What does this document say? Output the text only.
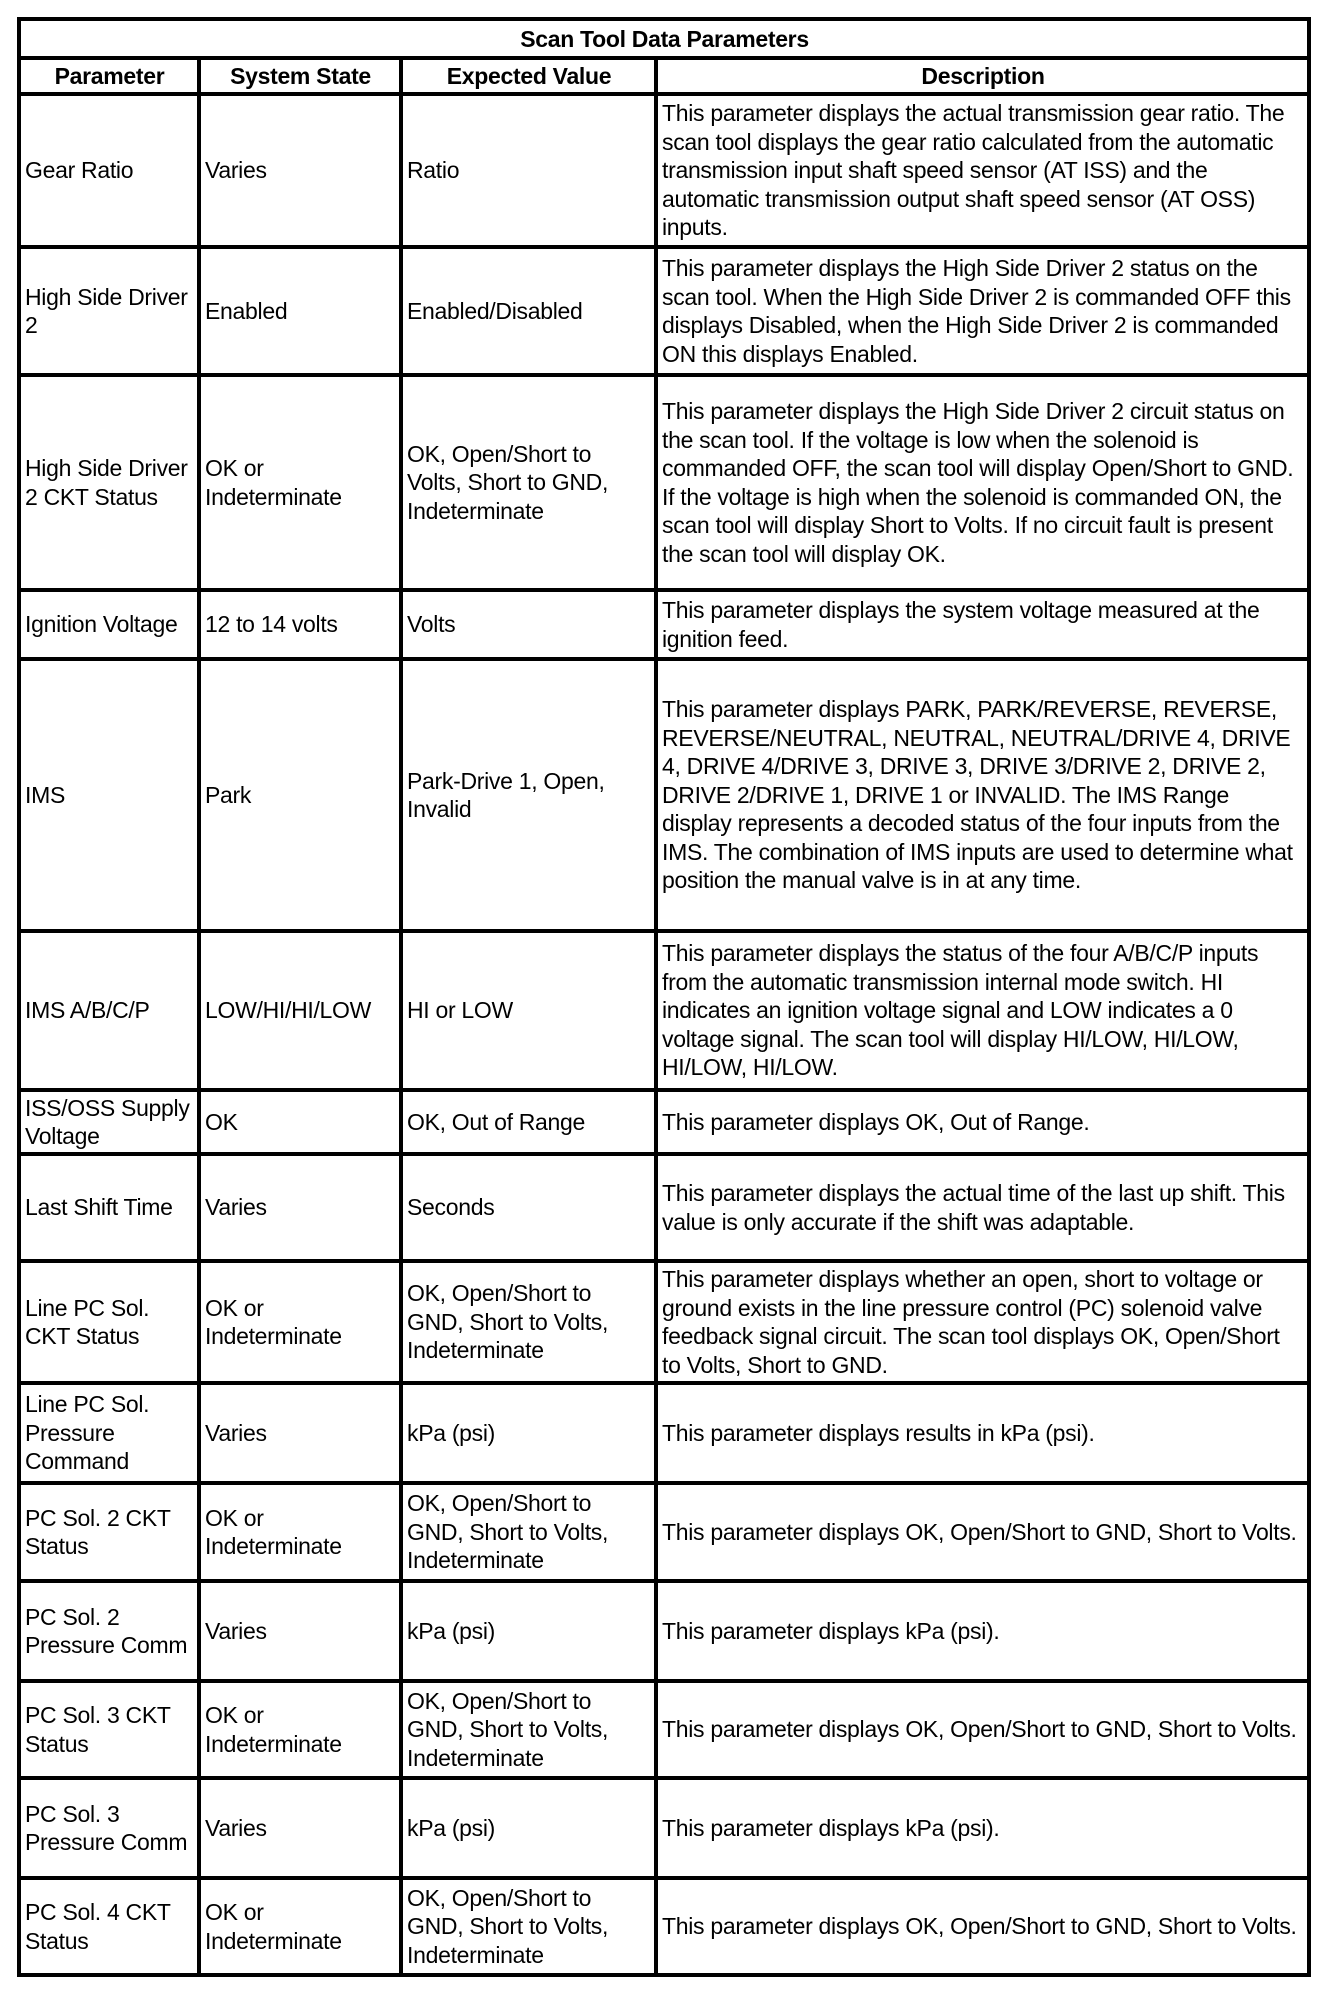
Scan Tool Data Parameters			
Parameter	System State	Expected Value	Description
Gear Ratio	Varies	Ratio	This parameter displays the actual transmission gear ratio. The scan tool displays the gear ratio calculated from the automatic transmission input shaft speed sensor (AT ISS) and the automatic transmission output shaft speed sensor (AT OSS) inputs.
High Side Driver 2	Enabled	Enabled/Disabled	This parameter displays the High Side Driver 2 status on the scan tool. When the High Side Driver 2 is commanded OFF this displays Disabled, when the High Side Driver 2 is commanded ON this displays Enabled.
High Side Driver 2 CKT Status	OK or Indeterminate	OK, Open/Short to Volts, Short to GND, Indeterminate	This parameter displays the High Side Driver 2 circuit status on the scan tool. If the voltage is low when the solenoid is commanded OFF, the scan tool will display Open/Short to GND. If the voltage is high when the solenoid is commanded ON, the scan tool will display Short to Volts. If no circuit fault is present the scan tool will display OK.
Ignition Voltage	12 to 14 volts	Volts	This parameter displays the system voltage measured at the ignition feed.
IMS	Park	Park-Drive 1, Open, Invalid	This parameter displays PARK, PARK/REVERSE, REVERSE, REVERSE/NEUTRAL, NEUTRAL, NEUTRAL/DRIVE 4, DRIVE 4, DRIVE 4/DRIVE 3, DRIVE 3, DRIVE 3/DRIVE 2, DRIVE 2, DRIVE 2/DRIVE 1, DRIVE 1 or INVALID. The IMS Range display represents a decoded status of the four inputs from the IMS. The combination of IMS inputs are used to determine what position the manual valve is in at any time.
IMS A/B/C/P	LOW/HI/HI/LOW	HI or LOW	This parameter displays the status of the four A/B/C/P inputs from the automatic transmission internal mode switch. HI indicates an ignition voltage signal and LOW indicates a 0 voltage signal. The scan tool will display HI/LOW, HI/LOW, HI/LOW, HI/LOW.
ISS/OSS Supply Voltage	OK	OK, Out of Range	This parameter displays OK, Out of Range.
Last Shift Time	Varies	Seconds	This parameter displays the actual time of the last up shift. This value is only accurate if the shift was adaptable.
Line PC Sol. CKT Status	OK or Indeterminate	OK, Open/Short to GND, Short to Volts, Indeterminate	This parameter displays whether an open, short to voltage or ground exists in the line pressure control (PC) solenoid valve feedback signal circuit. The scan tool displays OK, Open/Short to Volts, Short to GND.
Line PC Sol. Pressure Command	Varies	kPa (psi)	This parameter displays results in kPa (psi).
PC Sol. 2 CKT Status	OK or Indeterminate	OK, Open/Short to GND, Short to Volts, Indeterminate	This parameter displays OK, Open/Short to GND, Short to Volts.
PC Sol. 2 Pressure Comm	Varies	kPa (psi)	This parameter displays kPa (psi).
PC Sol. 3 CKT Status	OK or Indeterminate	OK, Open/Short to GND, Short to Volts, Indeterminate	This parameter displays OK, Open/Short to GND, Short to Volts.
PC Sol. 3 Pressure Comm	Varies	kPa (psi)	This parameter displays kPa (psi).
PC Sol. 4 CKT Status	OK or Indeterminate	OK, Open/Short to GND, Short to Volts, Indeterminate	This parameter displays OK, Open/Short to GND, Short to Volts.
